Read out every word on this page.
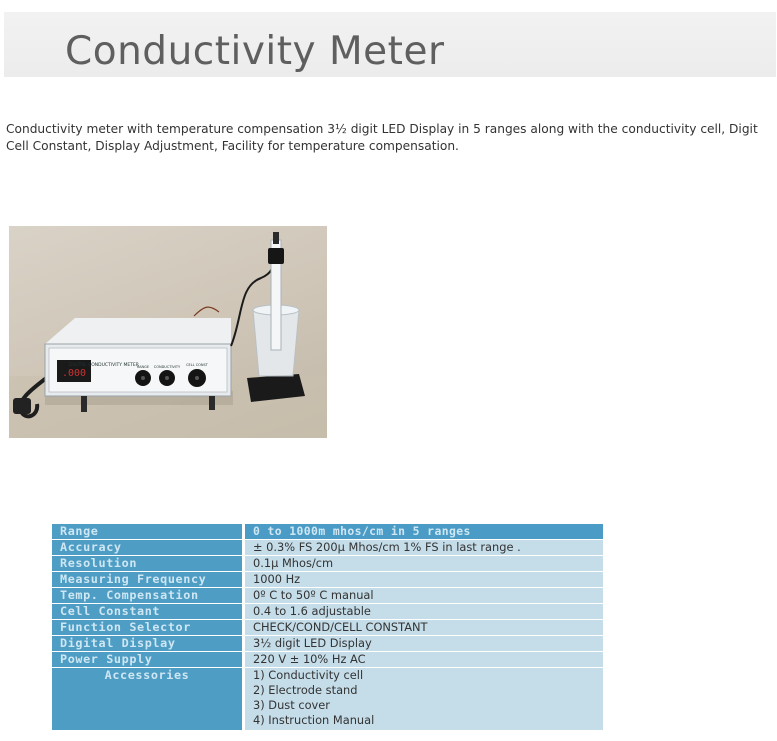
Conductivity Meter

Conductivity meter with temperature compensation 3½ digit LED Display in 5 ranges along with the conductivity cell, Digit Cell Constant, Display Adjustment, Facility for temperature compensation.

.000
DIGITAL CONDUCTIVITY METER
RANGE CONDUCTIVITY CELL CONST
Range	0 to 1000m mhos/cm in 5 ranges
Accuracy	± 0.3% FS 200μ Mhos/cm 1% FS in last range .
Resolution	0.1μ Mhos/cm
Measuring Frequency	1000 Hz
Temp. Compensation	0º C to 50º C manual
Cell Constant	0.4 to 1.6 adjustable
Function Selector	CHECK/COND/CELL CONSTANT
Digital Display	3½ digit LED Display
Power Supply	220 V ± 10% Hz AC
Accessories	1) Conductivity cell
2) Electrode stand
3) Dust cover
4) Instruction Manual
